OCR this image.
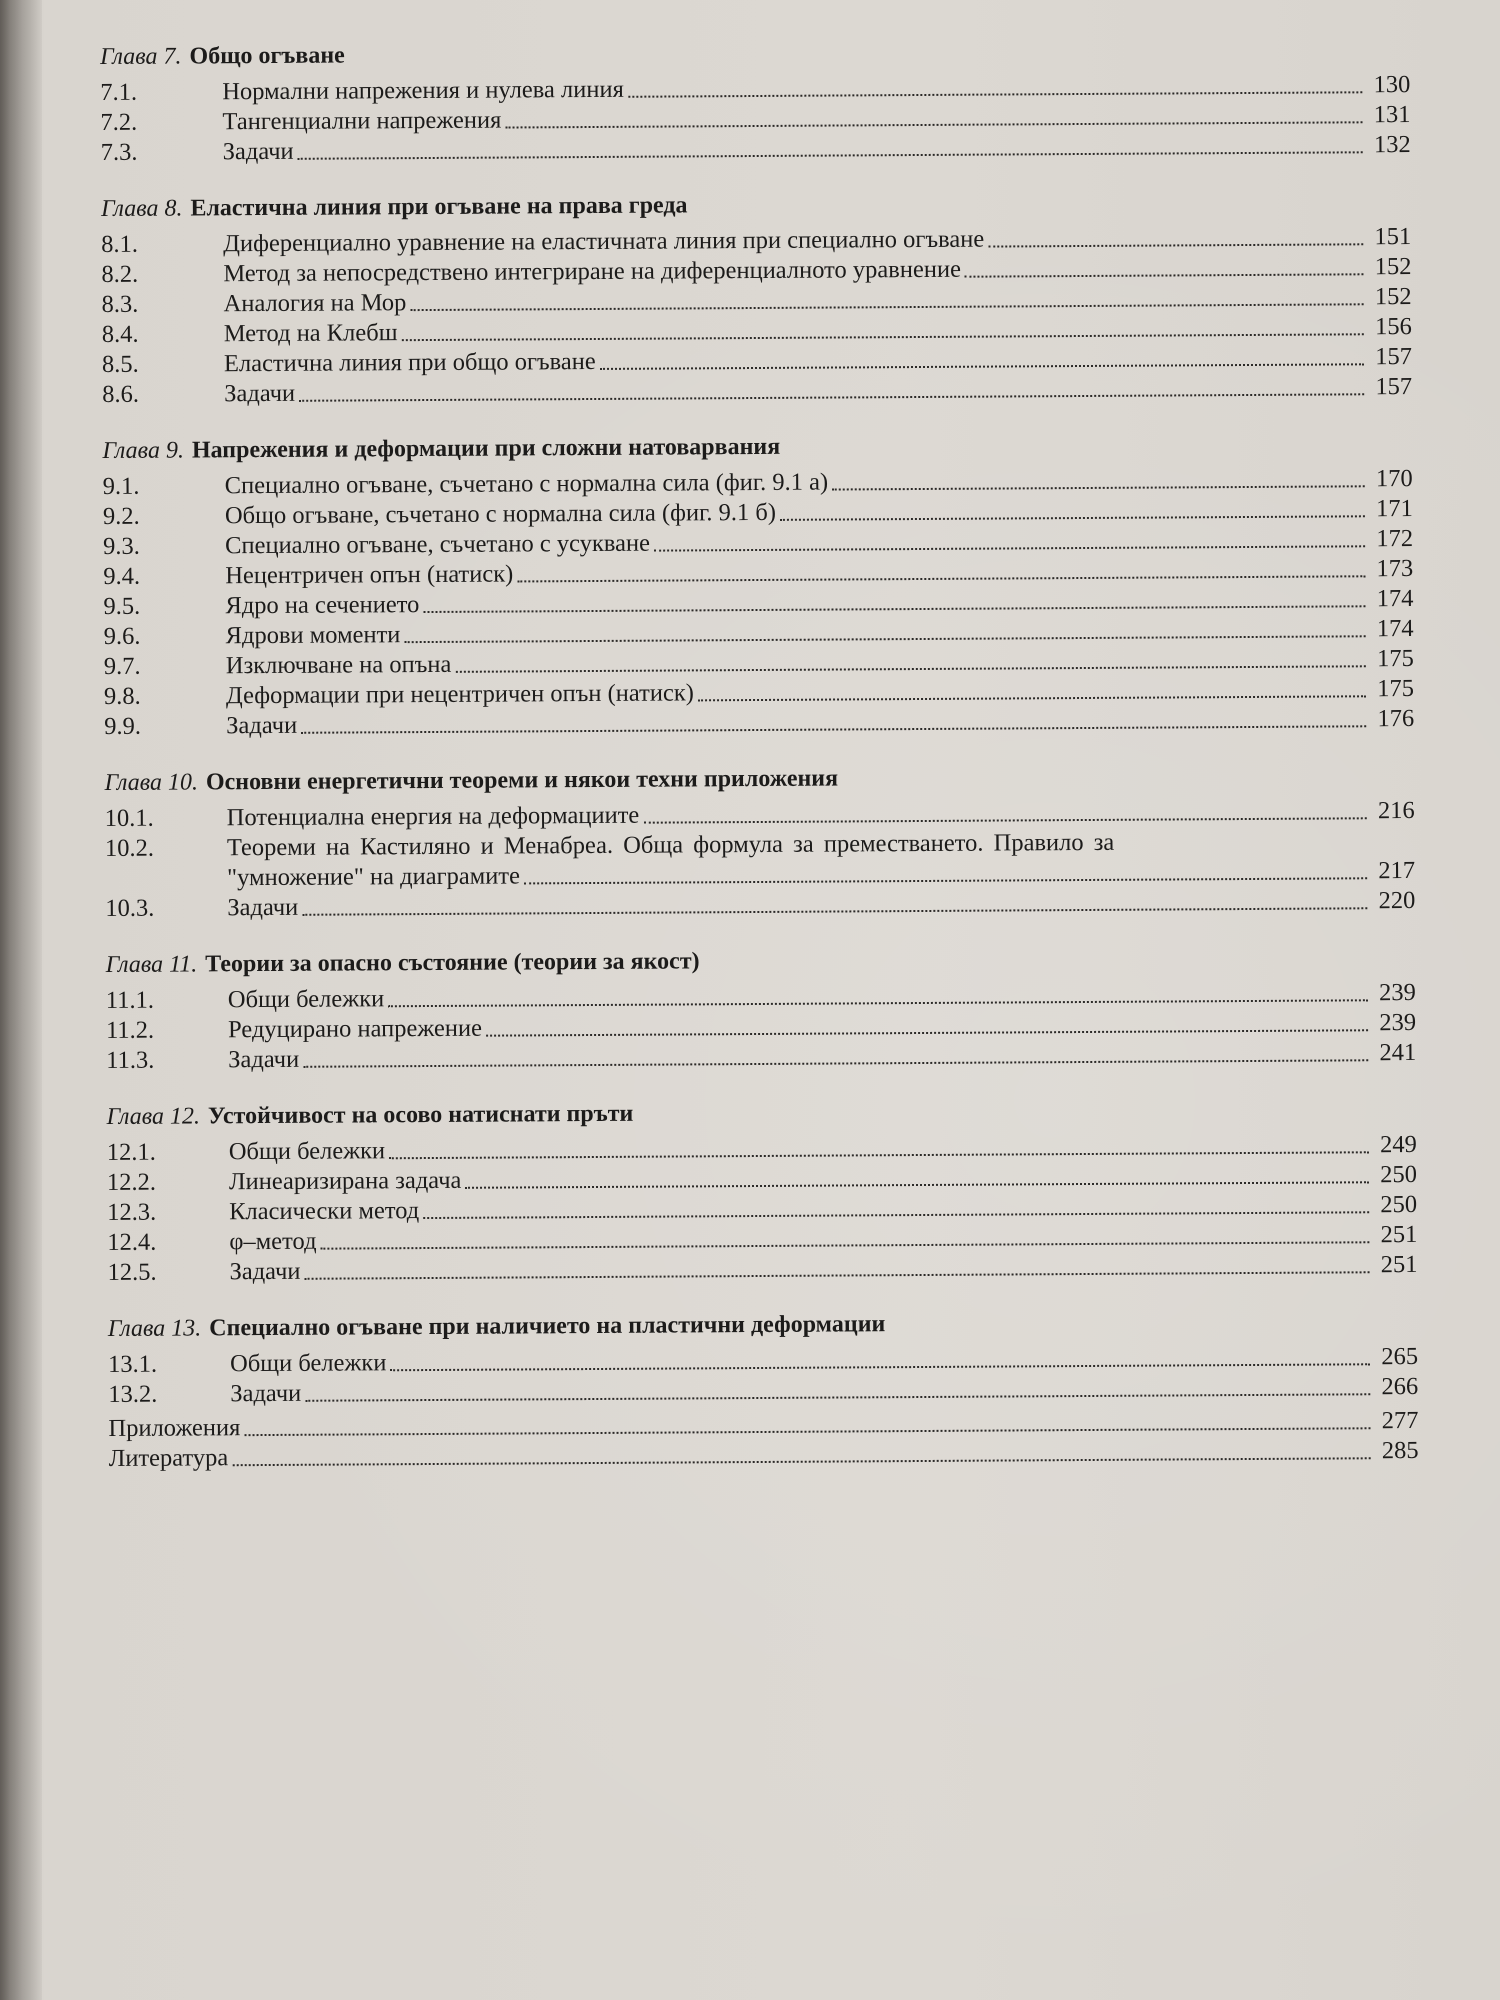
Глава 7. Общо огъване
7.1.	Нормални напрежения и нулева линия	130
7.2.	Тангенциални напрежения	131
7.3.	Задачи	132
Глава 8. Еластична линия при огъване на права греда
8.1.	Диференциално уравнение на еластичната линия при специално огъване	151
8.2.	Метод за непосредствено интегриране на диференциалното уравнение	152
8.3.	Аналогия на Мор	152
8.4.	Метод на Клебш	156
8.5.	Еластична линия при общо огъване	157
8.6.	Задачи	157
Глава 9. Напрежения и деформации при сложни натоварвания
9.1.	Специално огъване, съчетано с нормална сила (фиг. 9.1 а)	170
9.2.	Общо огъване, съчетано с нормална сила (фиг. 9.1 б)	171
9.3.	Специално огъване, съчетано с усукване	172
9.4.	Нецентричен опън (натиск)	173
9.5.	Ядро на сечението	174
9.6.	Ядрови моменти	174
9.7.	Изключване на опъна	175
9.8.	Деформации при нецентричен опън (натиск)	175
9.9.	Задачи	176
Глава 10. Основни енергетични теореми и някои техни приложения
10.1.	Потенциална енергия на деформациите	216
10.2.	Теореми на Кастиляно и Менабреа. Обща формула за преместването. Правило за
"умножение" на диаграмите	217
10.3.	Задачи	220
Глава 11. Теории за опасно състояние (теории за якост)
11.1.	Общи бележки	239
11.2.	Редуцирано напрежение	239
11.3.	Задачи	241
Глава 12. Устойчивост на осово натиснати пръти
12.1.	Общи бележки	249
12.2.	Линеаризирана задача	250
12.3.	Класически метод	250
12.4.	φ–метод	251
12.5.	Задачи	251
Глава 13. Специално огъване при наличието на пластични деформации
13.1.	Общи бележки	265
13.2.	Задачи	266
Приложения	277
Литература	285
